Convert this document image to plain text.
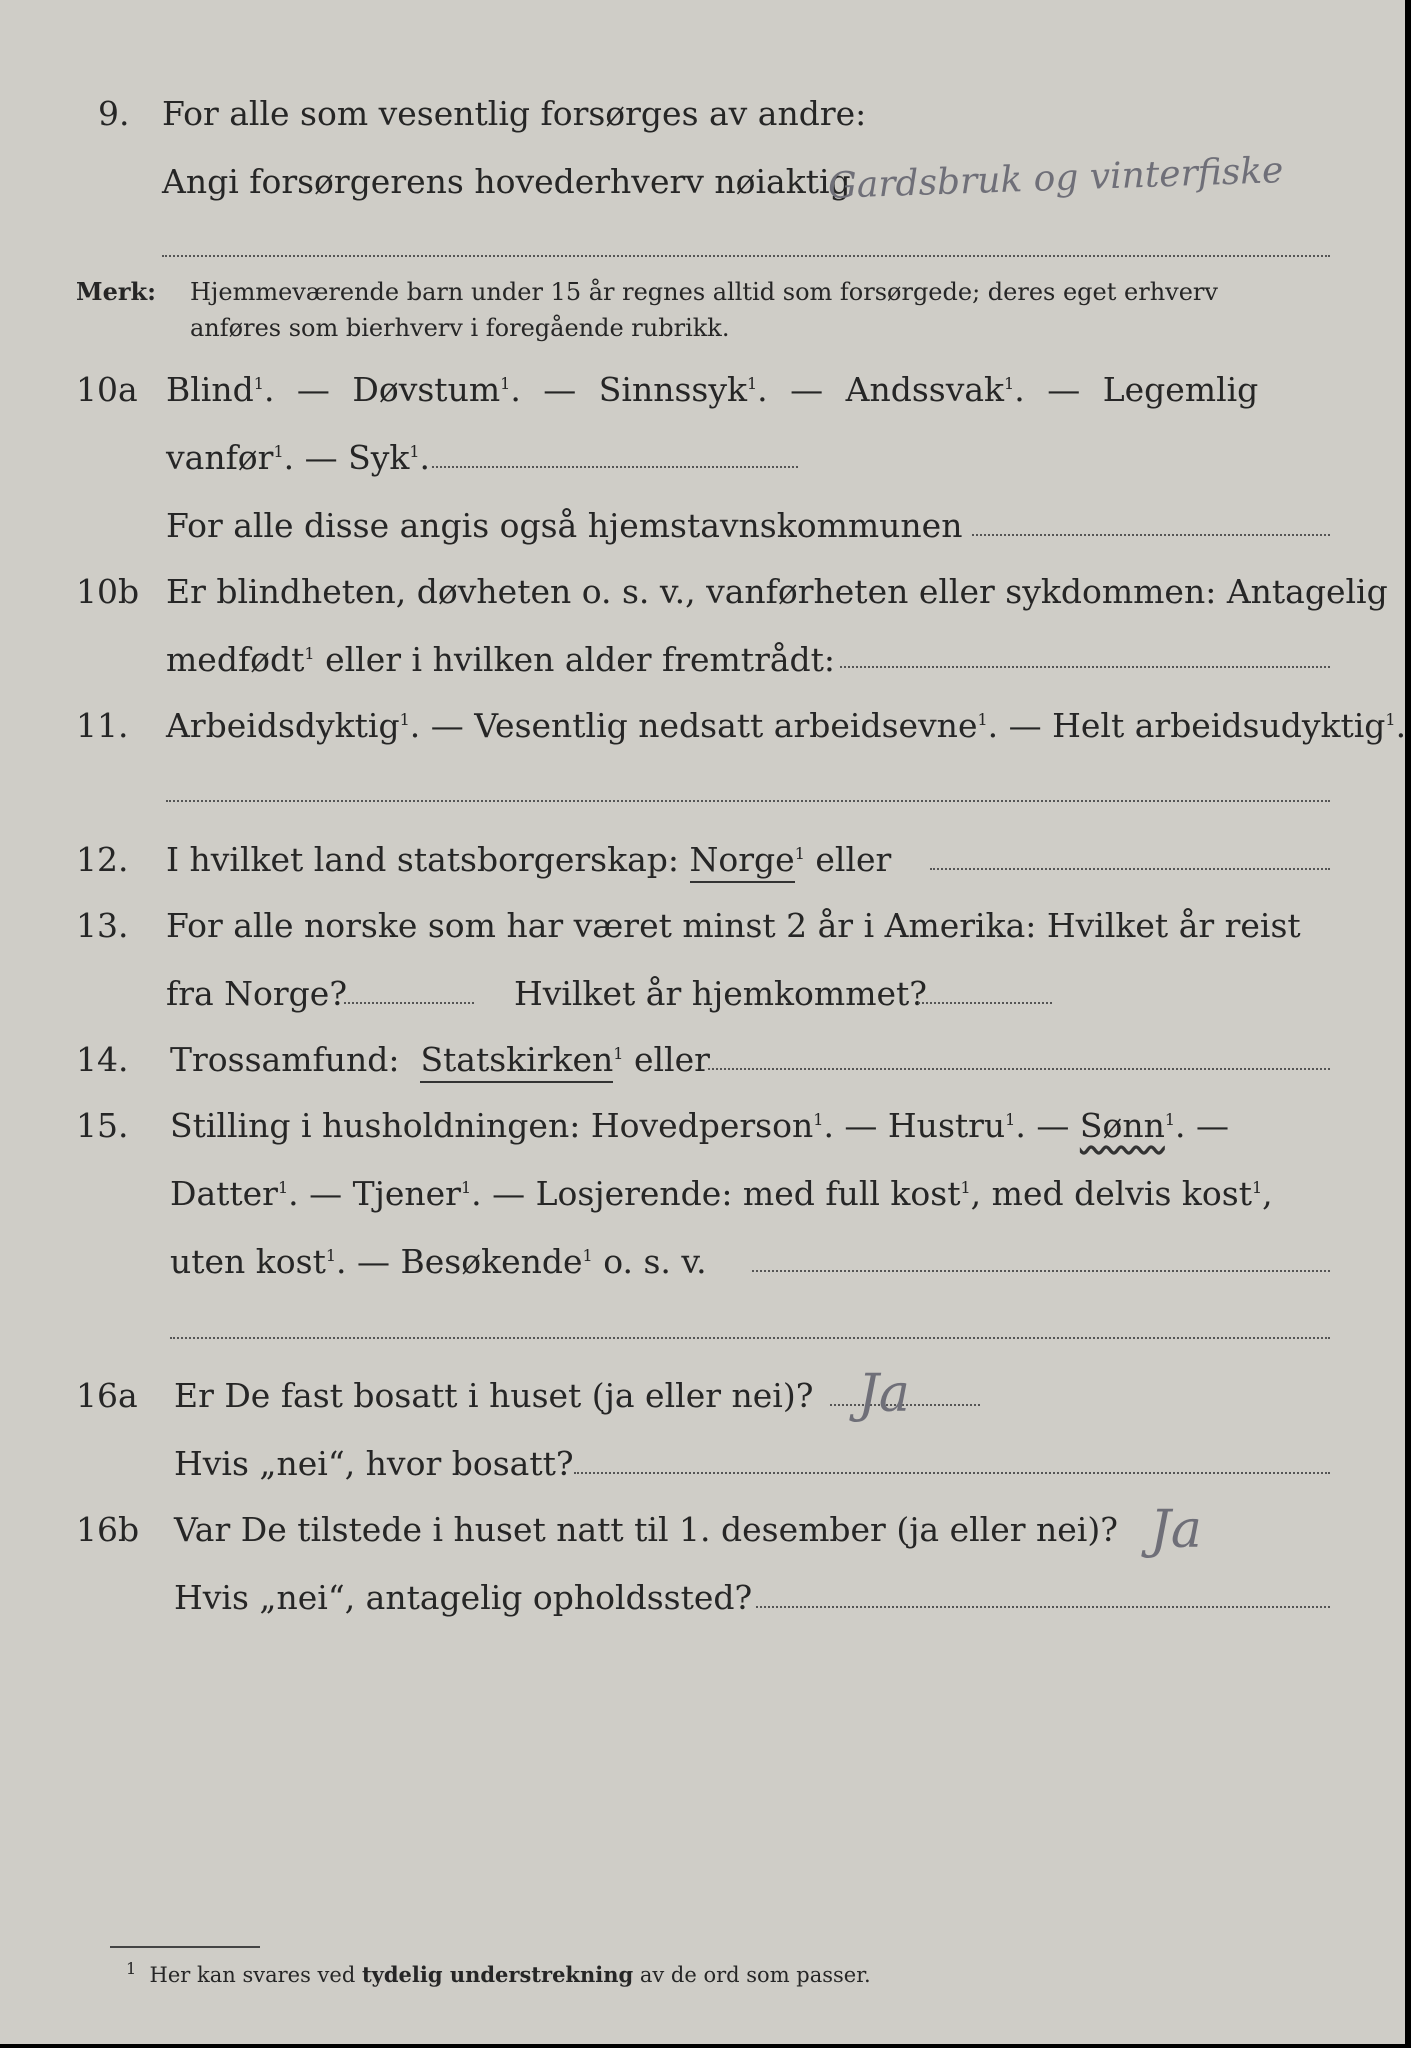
9. For alle som vesentlig forsørges av andre:
Angi forsørgerens hovederhverv nøiaktig
Gardsbruk og vinterfiske
Merk: Hjemmeværende barn under 15 år regnes alltid som forsørgede; deres eget erhverv
anføres som bierhverv i foregående rubrikk.
10a Blind$^1$. — Døvstum$^1$. — Sinnssyk$^1$. — Andssvak$^1$. — Legemlig
vanfør$^1$. — Syk$^1$.
For alle disse angis også hjemstavnskommunen
10b Er blindheten, døvheten o. s. v., vanførheten eller sykdommen: Antagelig
medfødt$^1$ eller i hvilken alder fremtrådt:
11. Arbeidsdyktig$^1$. — Vesentlig nedsatt arbeidsevne$^1$. — Helt arbeidsudyktig$^1$.
12. I hvilket land statsborgerskap: Norge$^1$ eller
13. For alle norske som har været minst 2 år i Amerika: Hvilket år reist
fra Norge?	Hvilket år hjemkommet?
14. Trossamfund: Statskirken$^1$ eller
15. Stilling i husholdningen: Hovedperson$^1$. — Hustru$^1$. — Sønn$^1$. —
Datter$^1$. — Tjener$^1$. — Losjerende: med full kost$^1$, med delvis kost$^1$,
uten kost$^1$. — Besøkende$^1$ o. s. v.
16a Er De fast bosatt i huset (ja eller nei)? Ja
Hvis „nei“, hvor bosatt?
16b Var De tilstede i huset natt til 1. desember (ja eller nei)? Ja
Hvis „nei“, antagelig opholdssted?
$^1$ Her kan svares ved tydelig understrekning av de ord som passer.
